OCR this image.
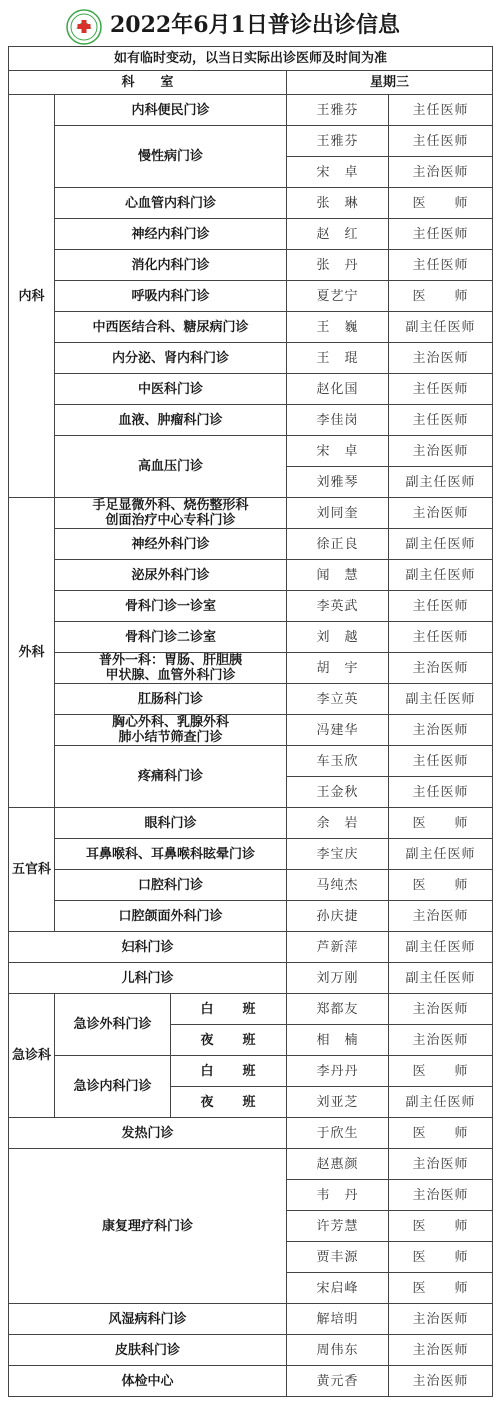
2022年6月1日普诊出诊信息
如有临时变动，以当日实际出诊医师及时间为准				
科　　室			星期三	
内科	内科便民门诊		王雅芬	主任医师
	慢性病门诊		王雅芬	主任医师
			宋　卓	主治医师
	心血管内科门诊		张　琳	医　　师
	神经内科门诊		赵　红	主任医师
	消化内科门诊		张　丹	主任医师
	呼吸内科门诊		夏艺宁	医　　师
	中西医结合科、糖尿病门诊		王　巍	副主任医师
	内分泌、肾内科门诊		王　琨	主治医师
	中医科门诊		赵化国	主任医师
	血液、肿瘤科门诊		李佳岗	主任医师
	高血压门诊		宋　卓	主治医师
			刘雅琴	副主任医师
外科	手足显微外科、烧伤整形科
创面治疗中心专科门诊		刘同奎	主治医师
	神经外科门诊		徐正良	副主任医师
	泌尿外科门诊		闻　慧	副主任医师
	骨科门诊一诊室		李英武	主任医师
	骨科门诊二诊室		刘　越	主任医师
	普外一科：胃肠、肝胆胰
甲状腺、血管外科门诊		胡　宇	主治医师
	肛肠科门诊		李立英	副主任医师
	胸心外科、乳腺外科
肺小结节筛查门诊		冯建华	主治医师
	疼痛科门诊		车玉欣	主任医师
			王金秋	主任医师
五官科	眼科门诊		余　岩	医　　师
	耳鼻喉科、耳鼻喉科眩晕门诊		李宝庆	副主任医师
	口腔科门诊		马纯杰	医　　师
	口腔颌面外科门诊		孙庆捷	主治医师
妇科门诊			芦新萍	副主任医师
儿科门诊			刘万刚	副主任医师
急诊科	急诊外科门诊	白　　班	郑都友	主治医师
		夜　　班	相　楠	主治医师
	急诊内科门诊	白　　班	李丹丹	医　　师
		夜　　班	刘亚芝	副主任医师
发热门诊			于欣生	医　　师
康复理疗科门诊			赵惠颜	主治医师
			韦　丹	主治医师
			许芳慧	医　　师
			贾丰源	医　　师
			宋启峰	医　　师
风湿病科门诊			解培明	主治医师
皮肤科门诊			周伟东	主治医师
体检中心			黄元香	主治医师
